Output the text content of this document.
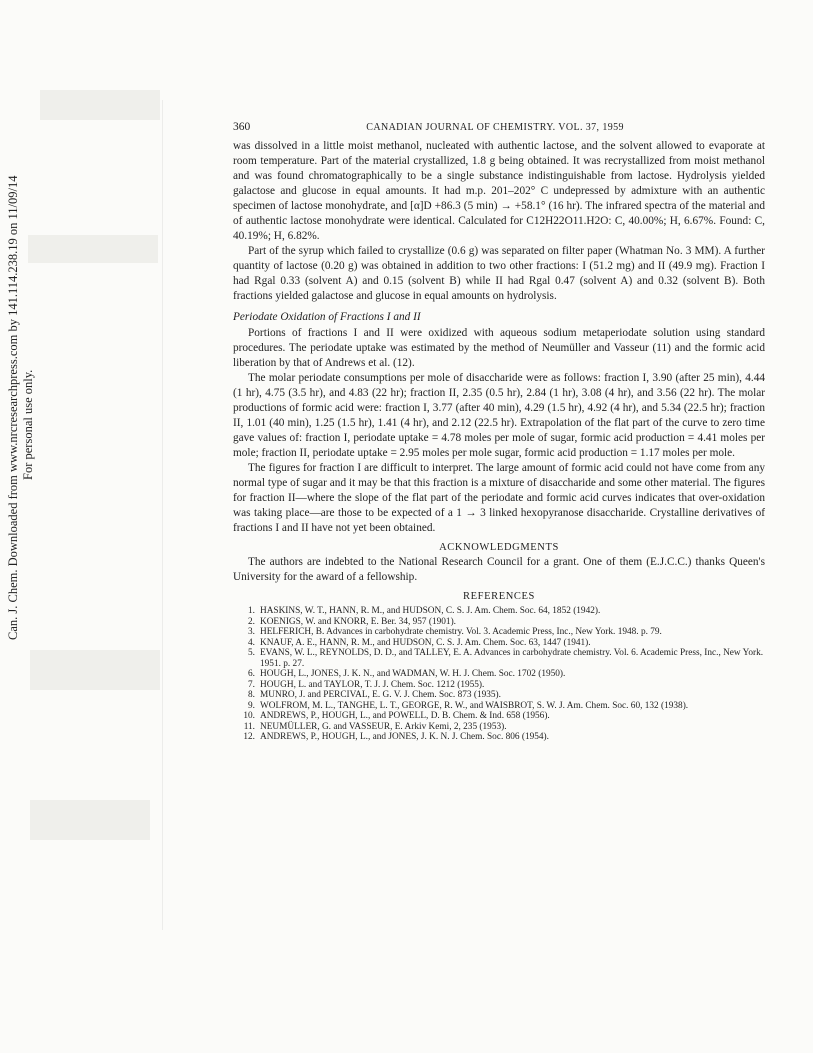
Can. J. Chem. Downloaded from www.nrcresearchpress.com by 141.114.238.19 on 11/09/14 For personal use only.
360	CANADIAN JOURNAL OF CHEMISTRY. VOL. 37, 1959

was dissolved in a little moist methanol, nucleated with authentic lactose, and the solvent allowed to evaporate at room temperature. Part of the material crystallized, 1.8 g being obtained. It was recrystallized from moist methanol and was found chromatographically to be a single substance indistinguishable from lactose. Hydrolysis yielded galactose and glucose in equal amounts. It had m.p. 201–202° C undepressed by admixture with an authentic specimen of lactose monohydrate, and [α]D +86.3 (5 min) → +58.1° (16 hr). The infrared spectra of the material and of authentic lactose monohydrate were identical. Calculated for C12H22O11.H2O: C, 40.00%; H, 6.67%. Found: C, 40.19%; H, 6.82%.

Part of the syrup which failed to crystallize (0.6 g) was separated on filter paper (Whatman No. 3 MM). A further quantity of lactose (0.20 g) was obtained in addition to two other fractions: I (51.2 mg) and II (49.9 mg). Fraction I had Rgal 0.33 (solvent A) and 0.15 (solvent B) while II had Rgal 0.47 (solvent A) and 0.32 (solvent B). Both fractions yielded galactose and glucose in equal amounts on hydrolysis.

Periodate Oxidation of Fractions I and II

Portions of fractions I and II were oxidized with aqueous sodium metaperiodate solution using standard procedures. The periodate uptake was estimated by the method of Neumüller and Vasseur (11) and the formic acid liberation by that of Andrews et al. (12).

The molar periodate consumptions per mole of disaccharide were as follows: fraction I, 3.90 (after 25 min), 4.44 (1 hr), 4.75 (3.5 hr), and 4.83 (22 hr); fraction II, 2.35 (0.5 hr), 2.84 (1 hr), 3.08 (4 hr), and 3.56 (22 hr). The molar productions of formic acid were: fraction I, 3.77 (after 40 min), 4.29 (1.5 hr), 4.92 (4 hr), and 5.34 (22.5 hr); fraction II, 1.01 (40 min), 1.25 (1.5 hr), 1.41 (4 hr), and 2.12 (22.5 hr). Extrapolation of the flat part of the curve to zero time gave values of: fraction I, periodate uptake = 4.78 moles per mole of sugar, formic acid production = 4.41 moles per mole; fraction II, periodate uptake = 2.95 moles per mole sugar, formic acid production = 1.17 moles per mole.

The figures for fraction I are difficult to interpret. The large amount of formic acid could not have come from any normal type of sugar and it may be that this fraction is a mixture of disaccharide and some other material. The figures for fraction II—where the slope of the flat part of the periodate and formic acid curves indicates that over-oxidation was taking place—are those to be expected of a 1 → 3 linked hexopyranose disaccharide. Crystalline derivatives of fractions I and II have not yet been obtained.

ACKNOWLEDGMENTS

The authors are indebted to the National Research Council for a grant. One of them (E.J.C.C.) thanks Queen's University for the award of a fellowship.

REFERENCES
1. HASKINS, W. T., HANN, R. M., and HUDSON, C. S. J. Am. Chem. Soc. 64, 1852 (1942).
2. KOENIGS, W. and KNORR, E. Ber. 34, 957 (1901).
3. HELFERICH, B. Advances in carbohydrate chemistry. Vol. 3. Academic Press, Inc., New York. 1948. p. 79.
4. KNAUF, A. E., HANN, R. M., and HUDSON, C. S. J. Am. Chem. Soc. 63, 1447 (1941).
5. EVANS, W. L., REYNOLDS, D. D., and TALLEY, E. A. Advances in carbohydrate chemistry. Vol. 6. Academic Press, Inc., New York. 1951. p. 27.
6. HOUGH, L., JONES, J. K. N., and WADMAN, W. H. J. Chem. Soc. 1702 (1950).
7. HOUGH, L. and TAYLOR, T. J. J. Chem. Soc. 1212 (1955).
8. MUNRO, J. and PERCIVAL, E. G. V. J. Chem. Soc. 873 (1935).
9. WOLFROM, M. L., TANGHE, L. T., GEORGE, R. W., and WAISBROT, S. W. J. Am. Chem. Soc. 60, 132 (1938).
10. ANDREWS, P., HOUGH, L., and POWELL, D. B. Chem. & Ind. 658 (1956).
11. NEUMÜLLER, G. and VASSEUR, E. Arkiv Kemi, 2, 235 (1953).
12. ANDREWS, P., HOUGH, L., and JONES, J. K. N. J. Chem. Soc. 806 (1954).
